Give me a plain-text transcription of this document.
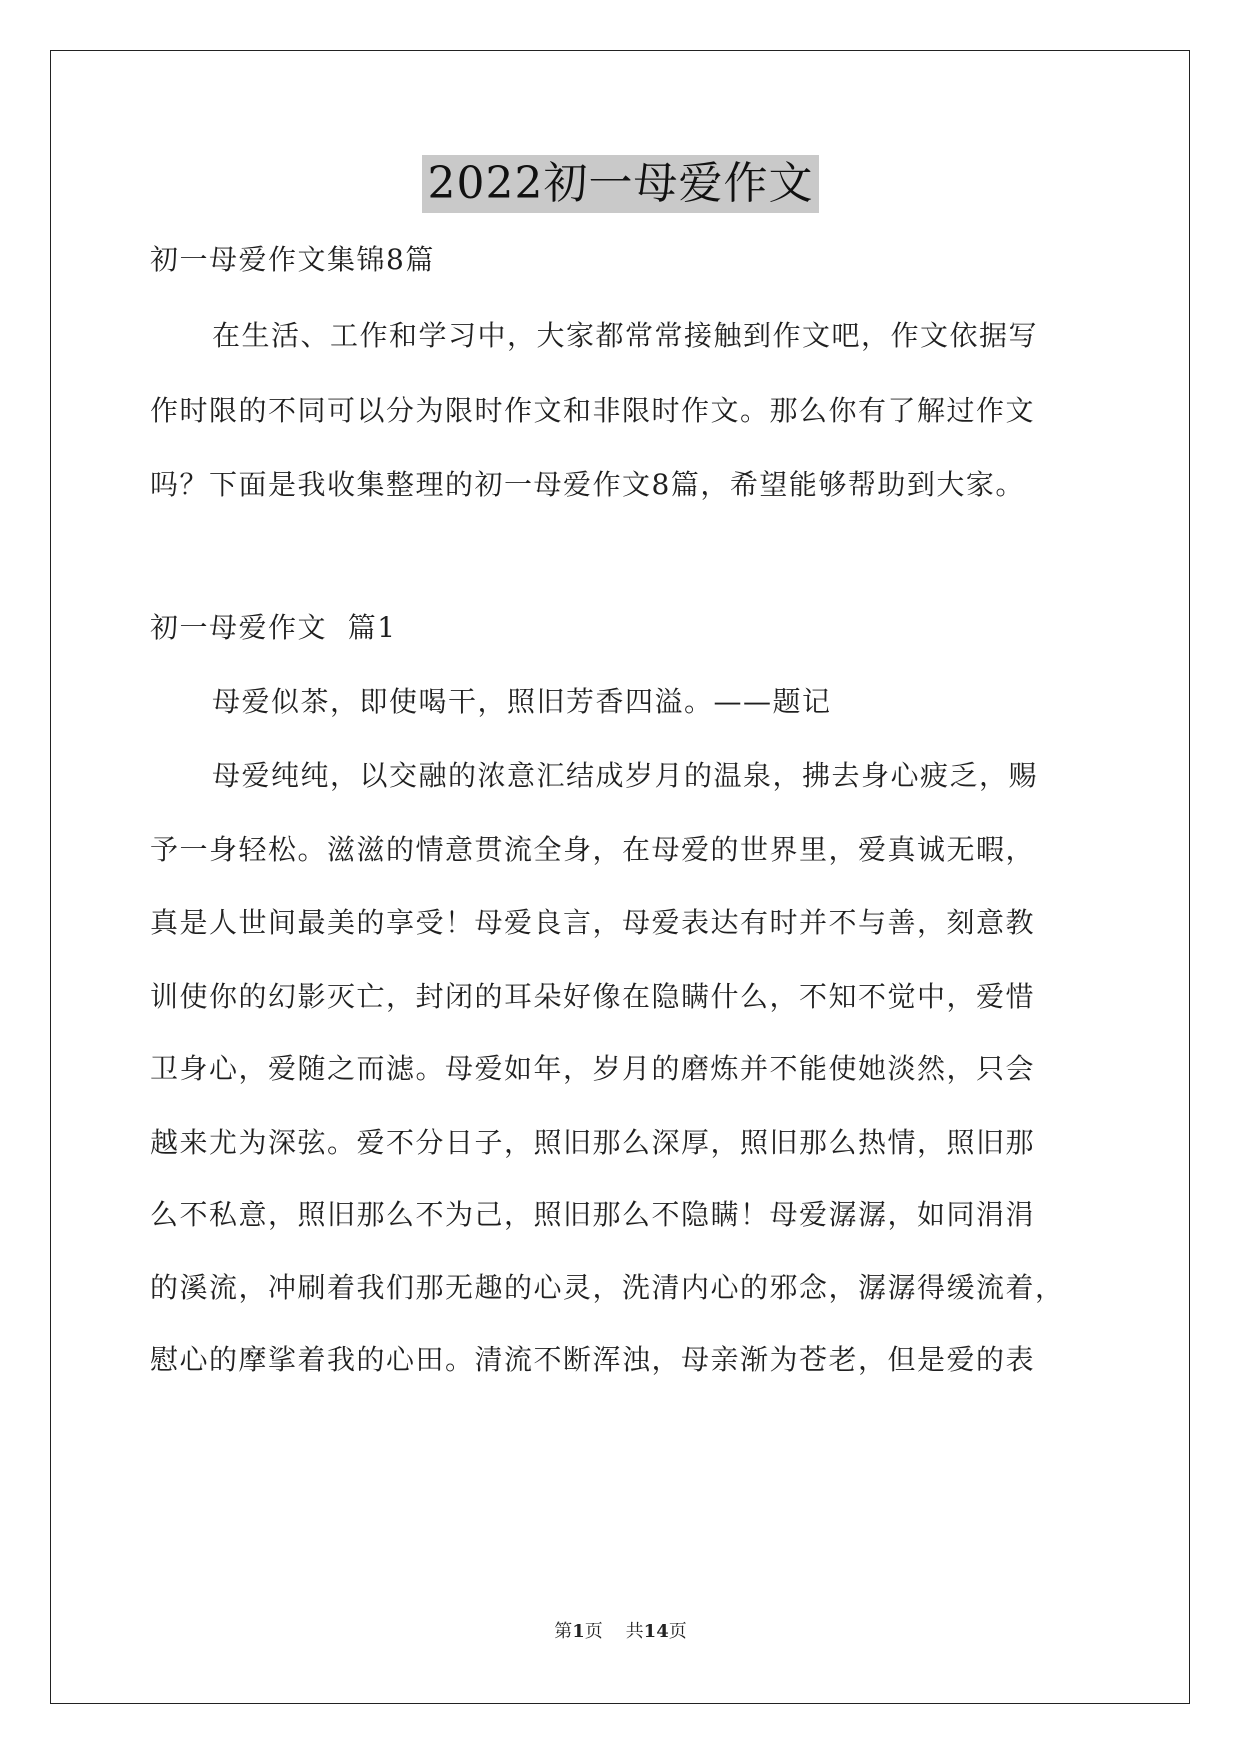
2022初一母爱作文
初一母爱作文集锦8篇
在生活、工作和学习中，大家都常常接触到作文吧，作文依据写
作时限的不同可以分为限时作文和非限时作文。那么你有了解过作文
吗？下面是我收集整理的初一母爱作文8篇，希望能够帮助到大家。
初一母爱作文  篇1
母爱似茶，即使喝干，照旧芳香四溢。——题记
母爱纯纯，以交融的浓意汇结成岁月的温泉，拂去身心疲乏，赐
予一身轻松。滋滋的情意贯流全身，在母爱的世界里，爱真诚无暇，
真是人世间最美的享受！母爱良言，母爱表达有时并不与善，刻意教
训使你的幻影灭亡，封闭的耳朵好像在隐瞒什么，不知不觉中，爱惜
卫身心，爱随之而滤。母爱如年，岁月的磨炼并不能使她淡然，只会
越来尤为深弦。爱不分日子，照旧那么深厚，照旧那么热情，照旧那
么不私意，照旧那么不为己，照旧那么不隐瞒！母爱潺潺，如同涓涓
的溪流，冲刷着我们那无趣的心灵，洗清内心的邪念，潺潺得缓流着，
慰心的摩挲着我的心田。清流不断浑浊，母亲渐为苍老，但是爱的表
第1页 共14页
